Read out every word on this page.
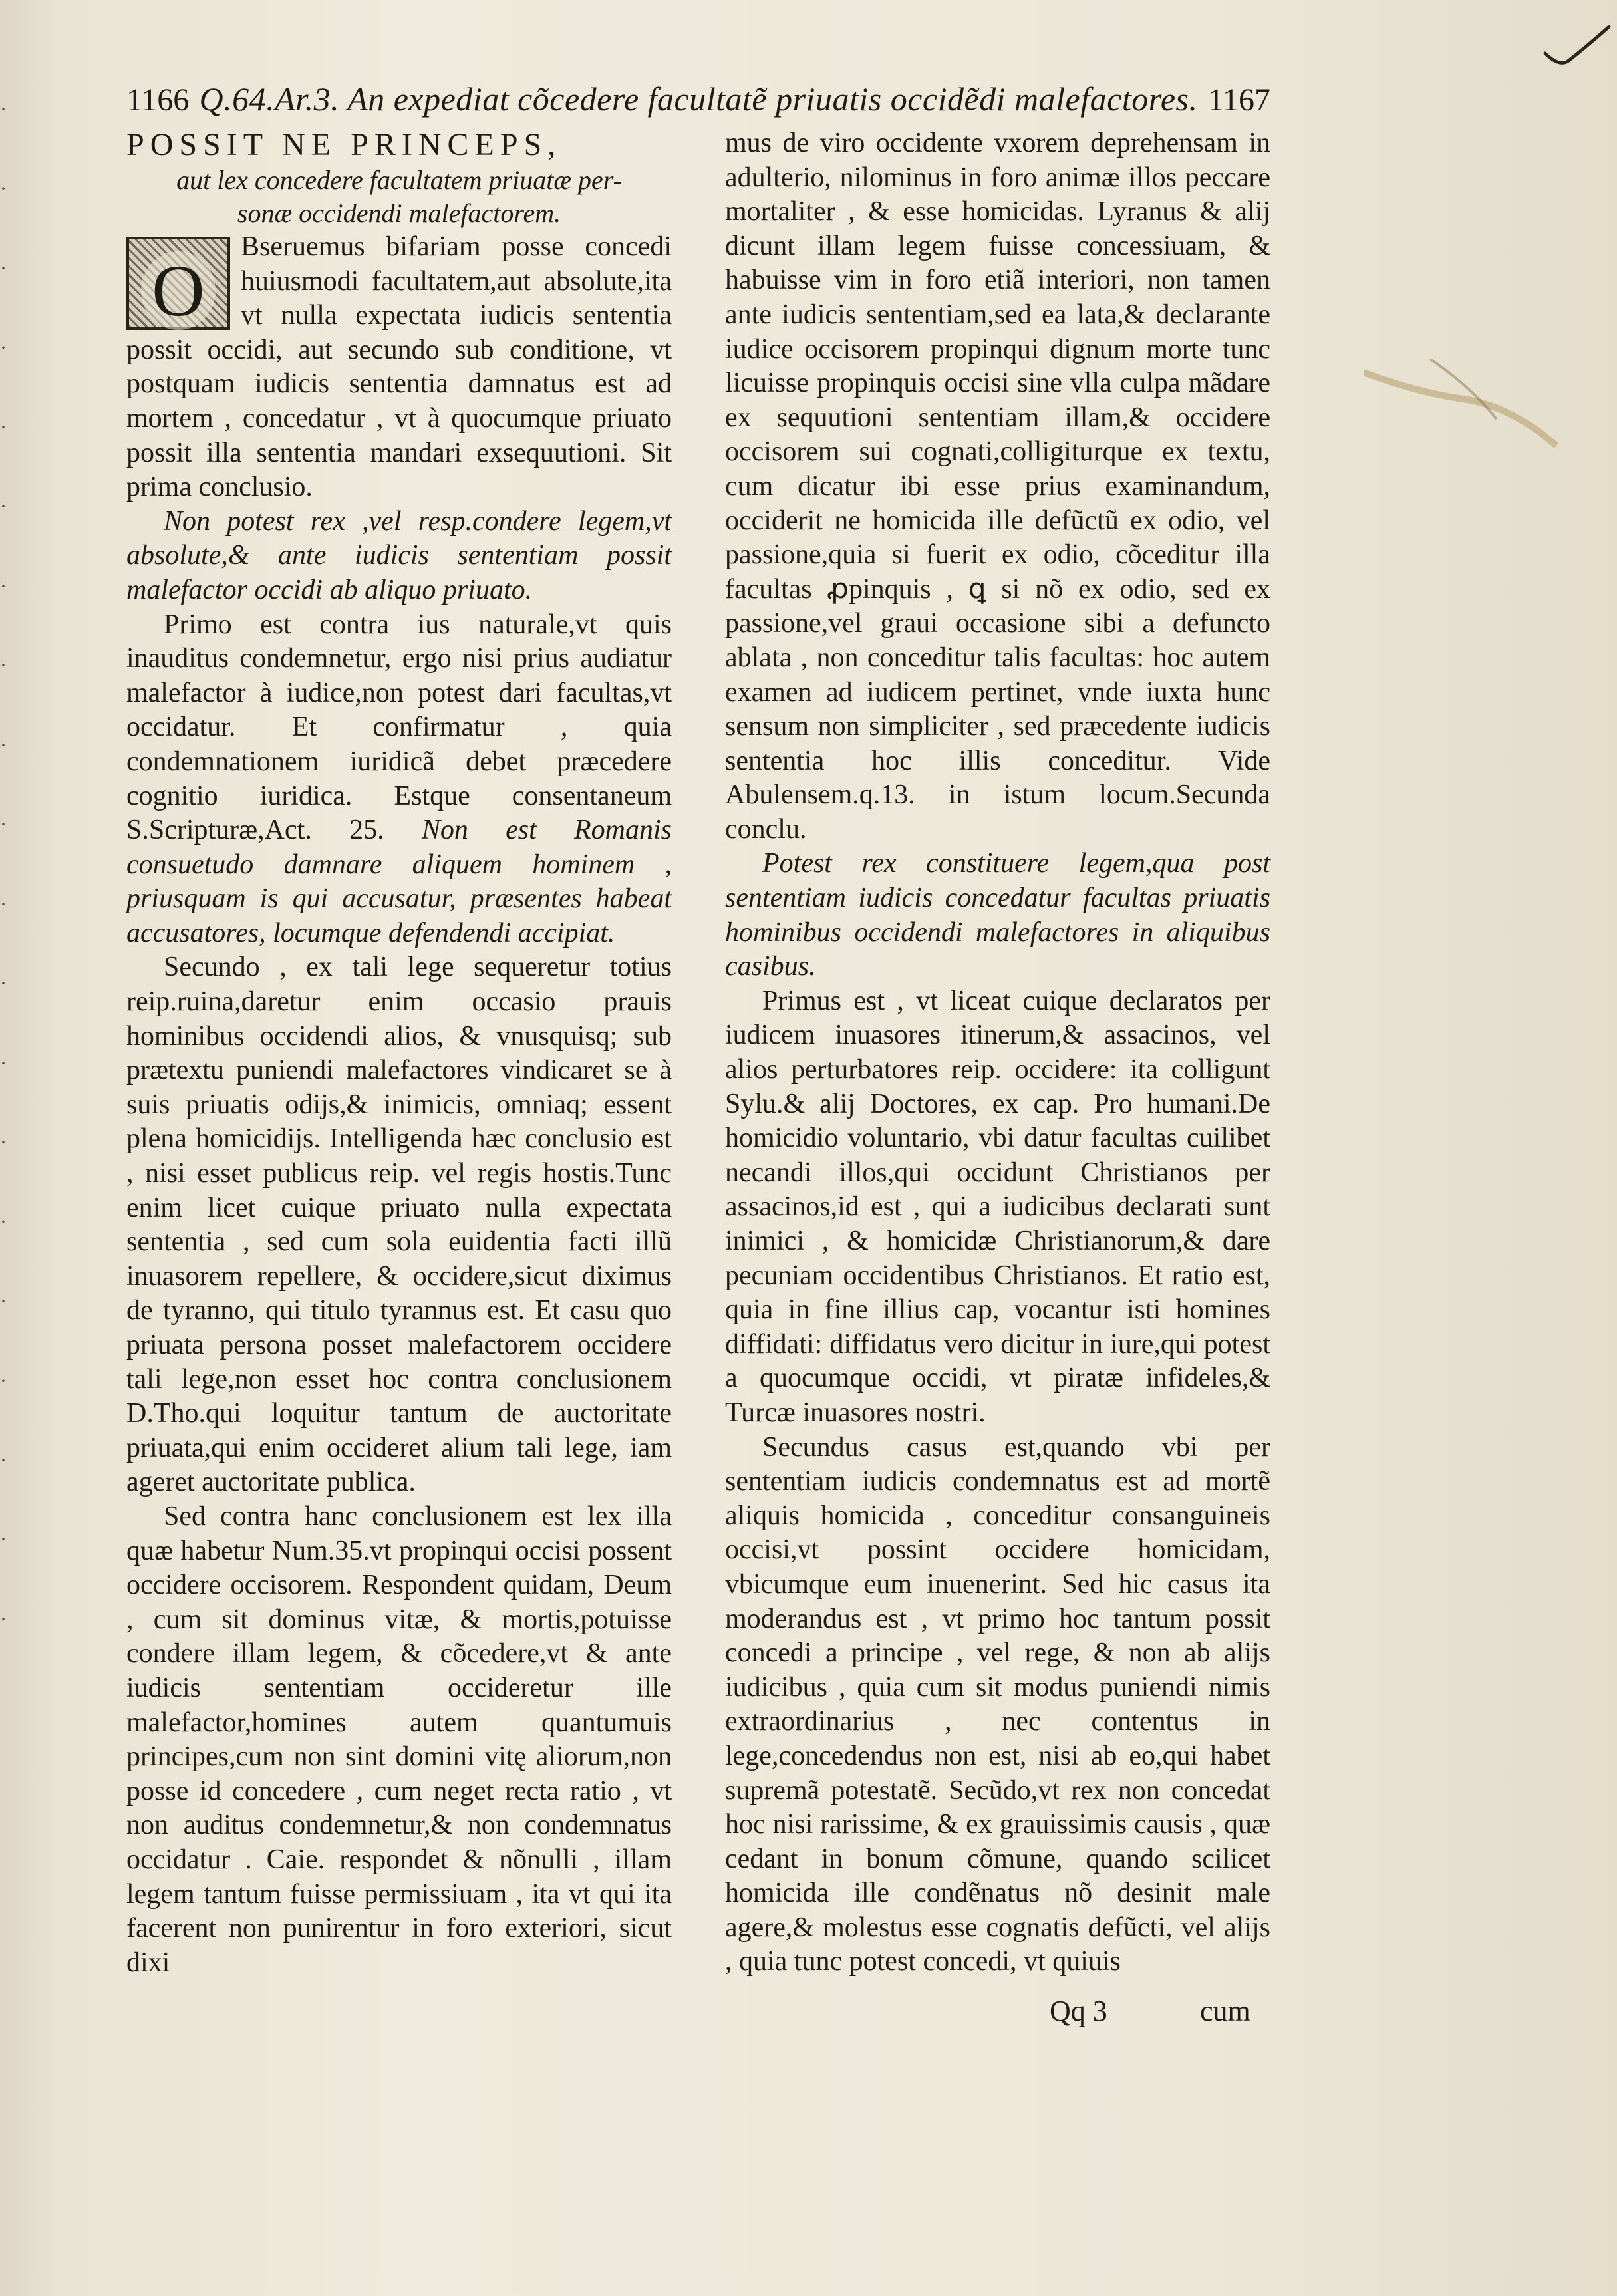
·
·
·
·
·
·
·
·
·
·
·
·
·
·
·
·
·
·
·
·
1166 Q.64.Ar.3. An expediat cõcedere facultatẽ priuatis occidẽdi malefactores. 1167

POSSIT NE PRINCEPS,

aut lex concedere facultatem priuatæ per-

sonæ occidendi malefactorem.

O

Bseruemus bifariam posse concedi huiusmodi facultatem,aut absolute,ita vt nulla expectata iudicis sententia possit occidi, aut secundo sub conditione, vt postquam iudicis sententia damnatus est ad mortem , concedatur , vt à quocumque priuato possit illa sententia mandari exsequutioni. Sit prima conclusio.

Non potest rex ,vel resp.condere legem,vt absolute,& ante iudicis sententiam possit malefactor occidi ab aliquo priuato.

Primo est contra ius naturale,vt quis inauditus condemnetur, ergo nisi prius audiatur malefactor à iudice,non potest dari facultas,vt occidatur. Et confirmatur , quia condemnationem iuridicã debet præcedere cognitio iuridica. Estque consentaneum S.Scripturæ,Act. 25. Non est Romanis consuetudo damnare aliquem hominem , priusquam is qui accusatur, præsentes habeat accusatores, locumque defendendi accipiat.

Secundo , ex tali lege sequeretur totius reip.ruina,daretur enim occasio prauis hominibus occidendi alios, & vnusquisq; sub prætextu puniendi malefactores vindicaret se à suis priuatis odijs,& inimicis, omniaq; essent plena homicidijs. Intelligenda hæc conclusio est , nisi esset publicus reip. vel regis hostis.Tunc enim licet cuique priuato nulla expectata sententia , sed cum sola euidentia facti illũ inuasorem repellere, & occidere,sicut diximus de tyranno, qui titulo tyrannus est. Et casu quo priuata persona posset malefactorem occidere tali lege,non esset hoc contra conclusionem D.Tho.qui loquitur tantum de auctoritate priuata,qui enim occideret alium tali lege, iam ageret auctoritate publica.

Sed contra hanc conclusionem est lex illa quæ habetur Num.35.vt propinqui occisi possent occidere occisorem. Respondent quidam, Deum , cum sit dominus vitæ, & mortis,potuisse condere illam legem, & cõcedere,vt & ante iudicis sententiam occideretur ille malefactor,homines autem quantumuis principes,cum non sint domini vitę aliorum,non posse id concedere , cum neget recta ratio , vt non auditus condemnetur,& non condemnatus occidatur . Caie. respondet & nõnulli , illam legem tantum fuisse permissiuam , ita vt qui ita facerent non punirentur in foro exteriori, sicut dixi

mus de viro occidente vxorem deprehensam in adulterio, nilominus in foro animæ illos peccare mortaliter , & esse homicidas. Lyranus & alij dicunt illam legem fuisse concessiuam, & habuisse vim in foro etiã interiori, non tamen ante iudicis sententiam,sed ea lata,& declarante iudice occisorem propinqui dignum morte tunc licuisse propinquis occisi sine vlla culpa mãdare ex sequutioni sententiam illam,& occidere occisorem sui cognati,colligiturque ex textu, cum dicatur ibi esse prius examinandum, occiderit ne homicida ille defũctũ ex odio, vel passione,quia si fuerit ex odio, cõceditur illa facultas ꝓpinquis , ꝗ si nõ ex odio, sed ex passione,vel graui occasione sibi a defuncto ablata , non conceditur talis facultas: hoc autem examen ad iudicem pertinet, vnde iuxta hunc sensum non simpliciter , sed præcedente iudicis sententia hoc illis conceditur. Vide Abulensem.q.13. in istum locum.Secunda conclu.

Potest rex constituere legem,qua post sententiam iudicis concedatur facultas priuatis hominibus occidendi malefactores in aliquibus casibus.

Primus est , vt liceat cuique declaratos per iudicem inuasores itinerum,& assacinos, vel alios perturbatores reip. occidere: ita colligunt Sylu.& alij Doctores, ex cap. Pro humani.De homicidio voluntario, vbi datur facultas cuilibet necandi illos,qui occidunt Christianos per assacinos,id est , qui a iudicibus declarati sunt inimici , & homicidæ Christianorum,& dare pecuniam occidentibus Christianos. Et ratio est, quia in fine illius cap, vocantur isti homines diffidati: diffidatus vero dicitur in iure,qui potest a quocumque occidi, vt piratæ infideles,& Turcæ inuasores nostri.

Secundus casus est,quando vbi per sententiam iudicis condemnatus est ad mortẽ aliquis homicida , conceditur consanguineis occisi,vt possint occidere homicidam, vbicumque eum inuenerint. Sed hic casus ita moderandus est , vt primo hoc tantum possit concedi a principe , vel rege, & non ab alijs iudicibus , quia cum sit modus puniendi nimis extraordinarius , nec contentus in lege,concedendus non est, nisi ab eo,qui habet supremã potestatẽ. Secũdo,vt rex non concedat hoc nisi rarissime, & ex grauissimis causis , quæ cedant in bonum cõmune, quando scilicet homicida ille condẽnatus nõ desinit male agere,& molestus esse cognatis defũcti, vel alijs , quia tunc potest concedi, vt quiuis

Qq 3	cum
